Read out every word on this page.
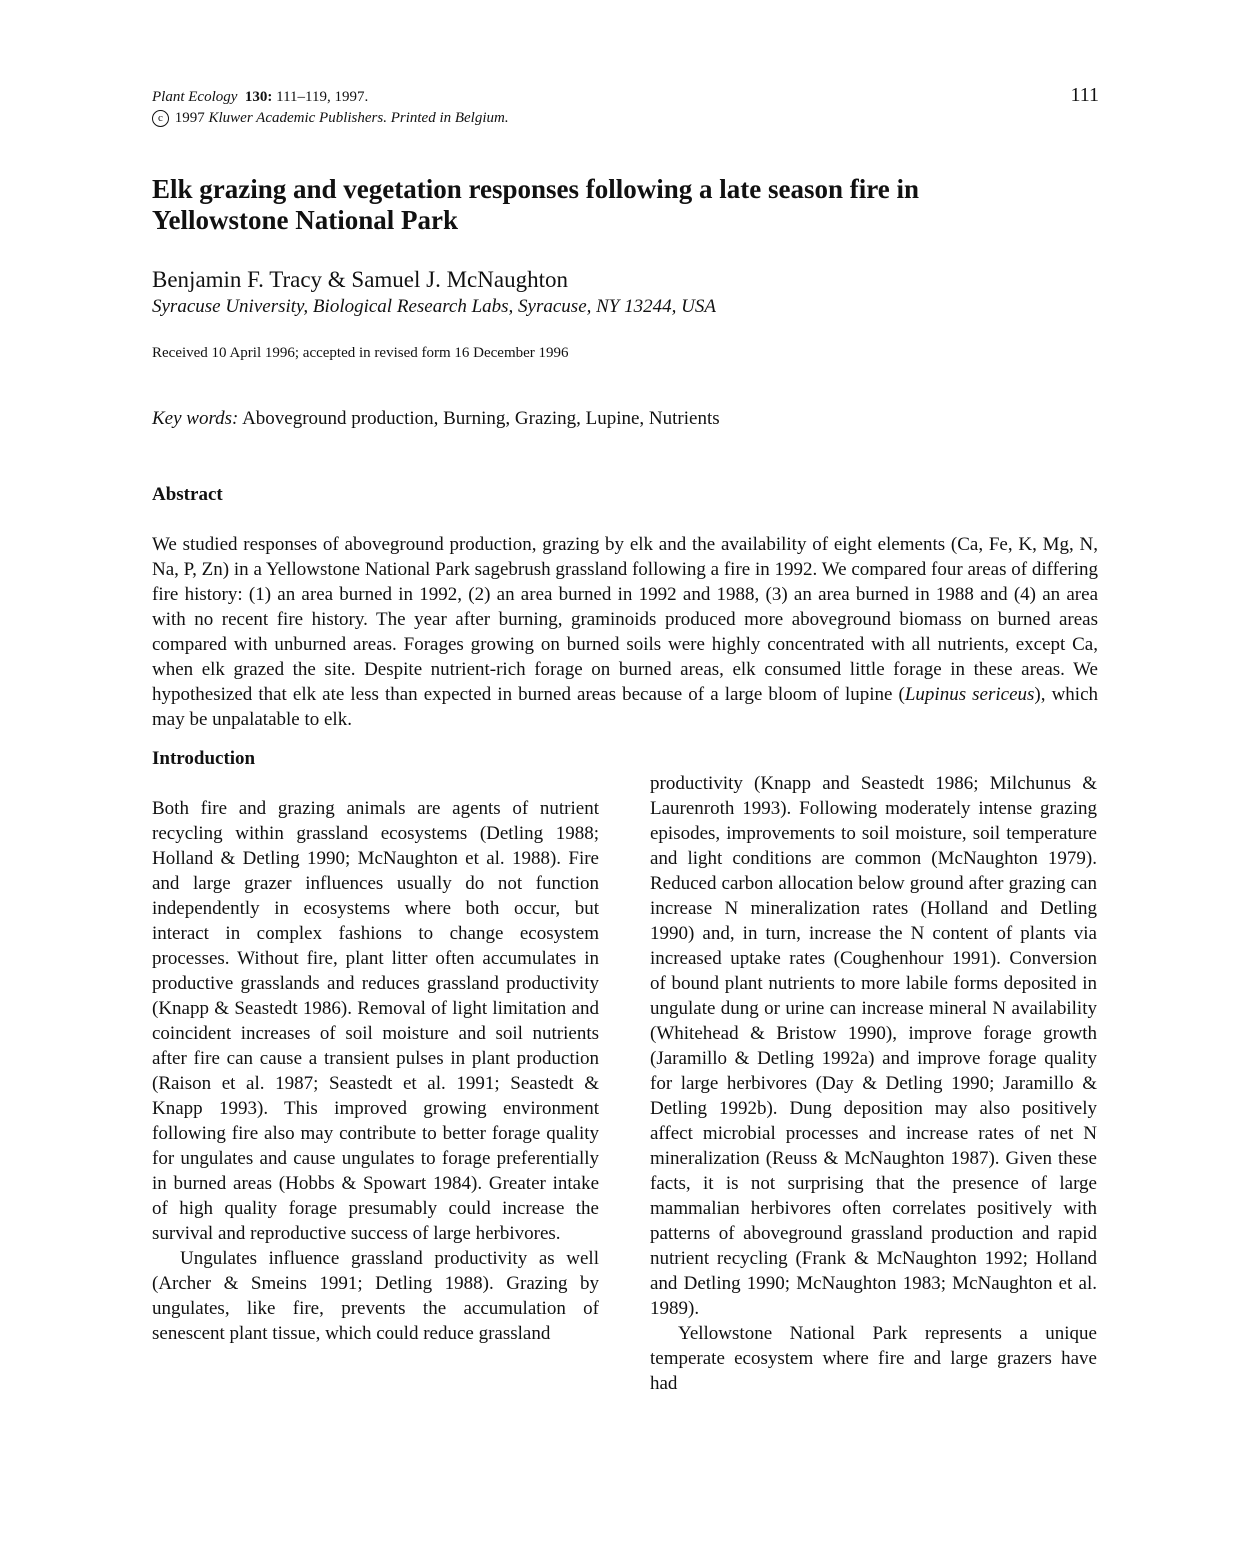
Plant Ecology 130: 111–119, 1997.
c 1997 Kluwer Academic Publishers. Printed in Belgium.
111
Elk grazing and vegetation responses following a late season fire in Yellowstone National Park
Benjamin F. Tracy & Samuel J. McNaughton
Syracuse University, Biological Research Labs, Syracuse, NY 13244, USA
Received 10 April 1996; accepted in revised form 16 December 1996
Key words: Aboveground production, Burning, Grazing, Lupine, Nutrients
Abstract

We studied responses of aboveground production, grazing by elk and the availability of eight elements (Ca, Fe, K, Mg, N, Na, P, Zn) in a Yellowstone National Park sagebrush grassland following a fire in 1992. We compared four areas of differing fire history: (1) an area burned in 1992, (2) an area burned in 1992 and 1988, (3) an area burned in 1988 and (4) an area with no recent fire history. The year after burning, graminoids produced more aboveground biomass on burned areas compared with unburned areas. Forages growing on burned soils were highly concentrated with all nutrients, except Ca, when elk grazed the site. Despite nutrient-rich forage on burned areas, elk consumed little forage in these areas. We hypothesized that elk ate less than expected in burned areas because of a large bloom of lupine (Lupinus sericeus), which may be unpalatable to elk.

Introduction

Both fire and grazing animals are agents of nutrient recycling within grassland ecosystems (Detling 1988; Holland & Detling 1990; McNaughton et al. 1988). Fire and large grazer influences usually do not function independently in ecosystems where both occur, but interact in complex fashions to change ecosystem processes. Without fire, plant litter often accumulates in productive grasslands and reduces grassland productivity (Knapp & Seastedt 1986). Removal of light limitation and coincident increases of soil moisture and soil nutrients after fire can cause a transient pulses in plant production (Raison et al. 1987; Seastedt et al. 1991; Seastedt & Knapp 1993). This improved growing environment following fire also may contribute to better forage quality for ungulates and cause ungulates to forage preferentially in burned areas (Hobbs & Spowart 1984). Greater intake of high quality forage presumably could increase the survival and reproductive success of large herbivores.

Ungulates influence grassland productivity as well (Archer & Smeins 1991; Detling 1988). Grazing by ungulates, like fire, prevents the accumulation of senescent plant tissue, which could reduce grassland

productivity (Knapp and Seastedt 1986; Milchunus & Laurenroth 1993). Following moderately intense grazing episodes, improvements to soil moisture, soil temperature and light conditions are common (McNaughton 1979). Reduced carbon allocation below ground after grazing can increase N mineralization rates (Holland and Detling 1990) and, in turn, increase the N content of plants via increased uptake rates (Coughenhour 1991). Conversion of bound plant nutrients to more labile forms deposited in ungulate dung or urine can increase mineral N availability (Whitehead & Bristow 1990), improve forage growth (Jaramillo & Detling 1992a) and improve forage quality for large herbivores (Day & Detling 1990; Jaramillo & Detling 1992b). Dung deposition may also positively affect microbial processes and increase rates of net N mineralization (Reuss & McNaughton 1987). Given these facts, it is not surprising that the presence of large mammalian herbivores often correlates positively with patterns of aboveground grassland production and rapid nutrient recycling (Frank & McNaughton 1992; Holland and Detling 1990; McNaughton 1983; McNaughton et al. 1989).

Yellowstone National Park represents a unique temperate ecosystem where fire and large grazers have had
